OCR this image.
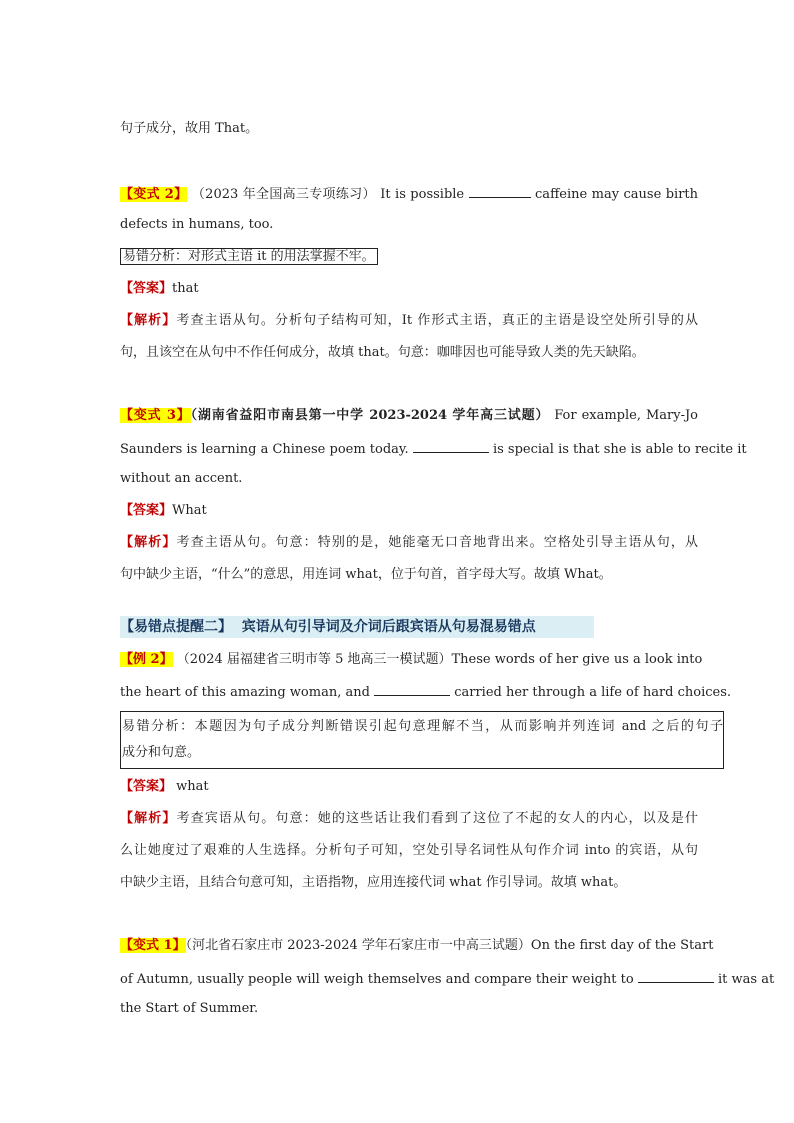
句子成分，故用 That。
【变式 2】 （2023 年全国高三专项练习） It is possible	caffeine may cause birth
defects in humans, too.
易错分析：对形式主语 it 的用法掌握不牢。
【答案】that
【解析】考查主语从句。分析句子结构可知，It 作形式主语，真正的主语是设空处所引导的从
句，且该空在从句中不作任何成分，故填 that。句意：咖啡因也可能导致人类的先天缺陷。
【变式 3】（湖南省益阳市南县第一中学 2023-2024 学年高三试题） For example, Mary-Jo
Saunders is learning a Chinese poem today.	is special is that she is able to recite it
without an accent.
【答案】What
【解析】考查主语从句。句意：特别的是，她能毫无口音地背出来。空格处引导主语从句，从
句中缺少主语，“什么”的意思，用连词 what，位于句首，首字母大写。故填 What。
【易错点提醒二】 宾语从句引导词及介词后跟宾语从句易混易错点
【例 2】 （2024 届福建省三明市等 5 地高三一模试题）These words of her give us a look into
the heart of this amazing woman, and	carried her through a life of hard choices.
易错分析：本题因为句子成分判断错误引起句意理解不当，从而影响并列连词 and 之后的句子
成分和句意。
【答案】 what
【解析】考查宾语从句。句意：她的这些话让我们看到了这位了不起的女人的内心，以及是什
么让她度过了艰难的人生选择。分析句子可知，空处引导名词性从句作介词 into 的宾语，从句
中缺少主语，且结合句意可知，主语指物，应用连接代词 what 作引导词。故填 what。
【变式 1】（河北省石家庄市 2023-2024 学年石家庄市一中高三试题）On the first day of the Start
of Autumn, usually people will weigh themselves and compare their weight to	it was at
the Start of Summer.
